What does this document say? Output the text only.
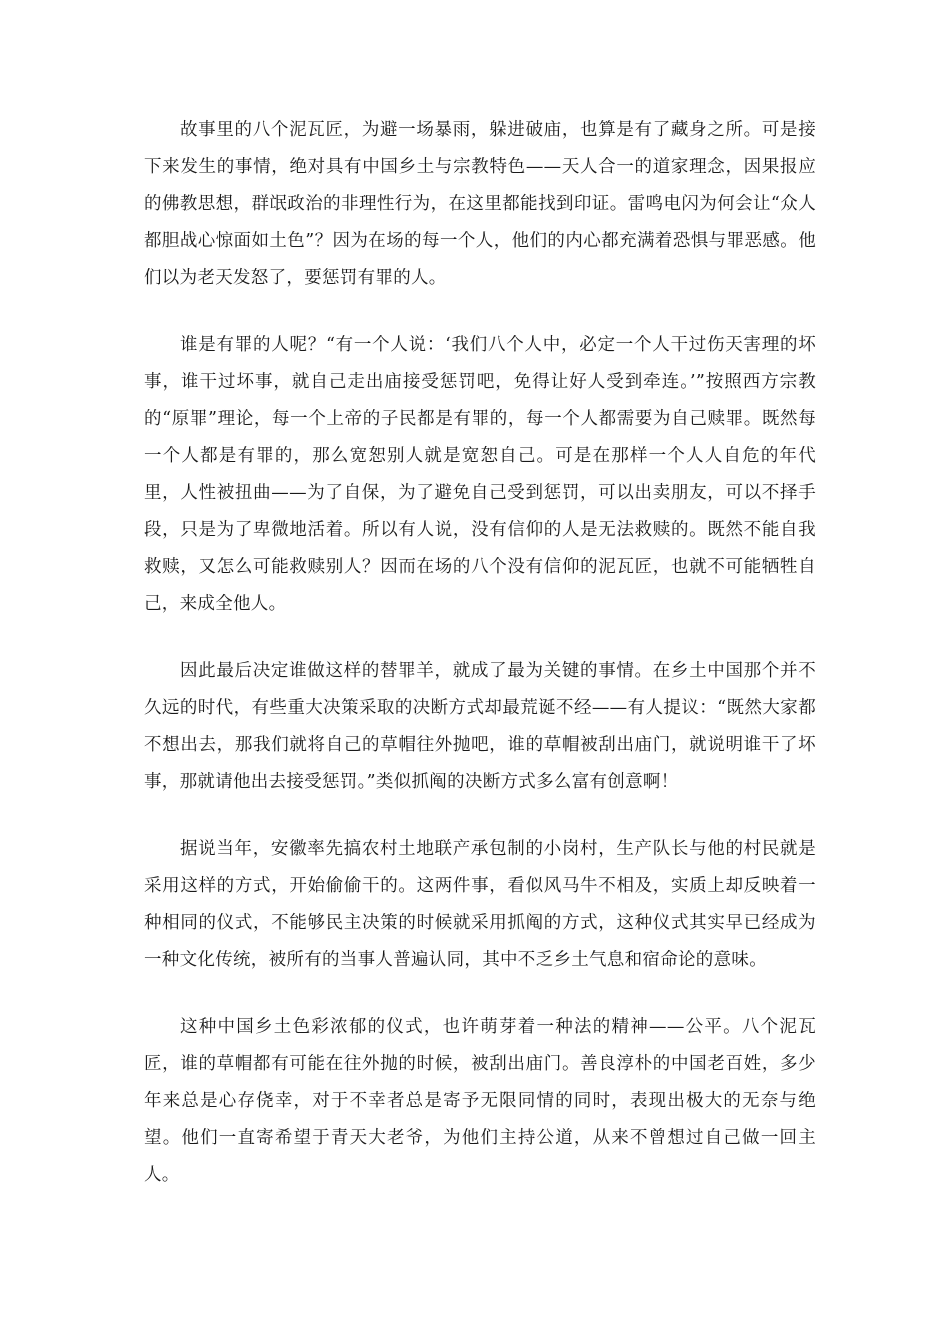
故事里的八个泥瓦匠，为避一场暴雨，躲进破庙，也算是有了藏身之所。可是接下来发生的事情，绝对具有中国乡土与宗教特色——天人合一的道家理念，因果报应的佛教思想，群氓政治的非理性行为，在这里都能找到印证。雷鸣电闪为何会让“众人都胆战心惊面如土色”？因为在场的每一个人，他们的内心都充满着恐惧与罪恶感。他们以为老天发怒了，要惩罚有罪的人。

谁是有罪的人呢？“有一个人说：‘我们八个人中，必定一个人干过伤天害理的坏事，谁干过坏事，就自己走出庙接受惩罚吧，免得让好人受到牵连。’”按照西方宗教的“原罪”理论，每一个上帝的子民都是有罪的，每一个人都需要为自己赎罪。既然每一个人都是有罪的，那么宽恕别人就是宽恕自己。可是在那样一个人人自危的年代里，人性被扭曲——为了自保，为了避免自己受到惩罚，可以出卖朋友，可以不择手段，只是为了卑微地活着。所以有人说，没有信仰的人是无法救赎的。既然不能自我救赎，又怎么可能救赎别人？因而在场的八个没有信仰的泥瓦匠，也就不可能牺牲自己，来成全他人。

因此最后决定谁做这样的替罪羊，就成了最为关键的事情。在乡土中国那个并不久远的时代，有些重大决策采取的决断方式却最荒诞不经——有人提议：“既然大家都不想出去，那我们就将自己的草帽往外抛吧，谁的草帽被刮出庙门，就说明谁干了坏事，那就请他出去接受惩罚。”类似抓阄的决断方式多么富有创意啊！

据说当年，安徽率先搞农村土地联产承包制的小岗村，生产队长与他的村民就是采用这样的方式，开始偷偷干的。这两件事，看似风马牛不相及，实质上却反映着一种相同的仪式，不能够民主决策的时候就采用抓阄的方式，这种仪式其实早已经成为一种文化传统，被所有的当事人普遍认同，其中不乏乡土气息和宿命论的意味。

这种中国乡土色彩浓郁的仪式，也许萌芽着一种法的精神——公平。八个泥瓦匠，谁的草帽都有可能在往外抛的时候，被刮出庙门。善良淳朴的中国老百姓，多少年来总是心存侥幸，对于不幸者总是寄予无限同情的同时，表现出极大的无奈与绝望。他们一直寄希望于青天大老爷，为他们主持公道，从来不曾想过自己做一回主人。
